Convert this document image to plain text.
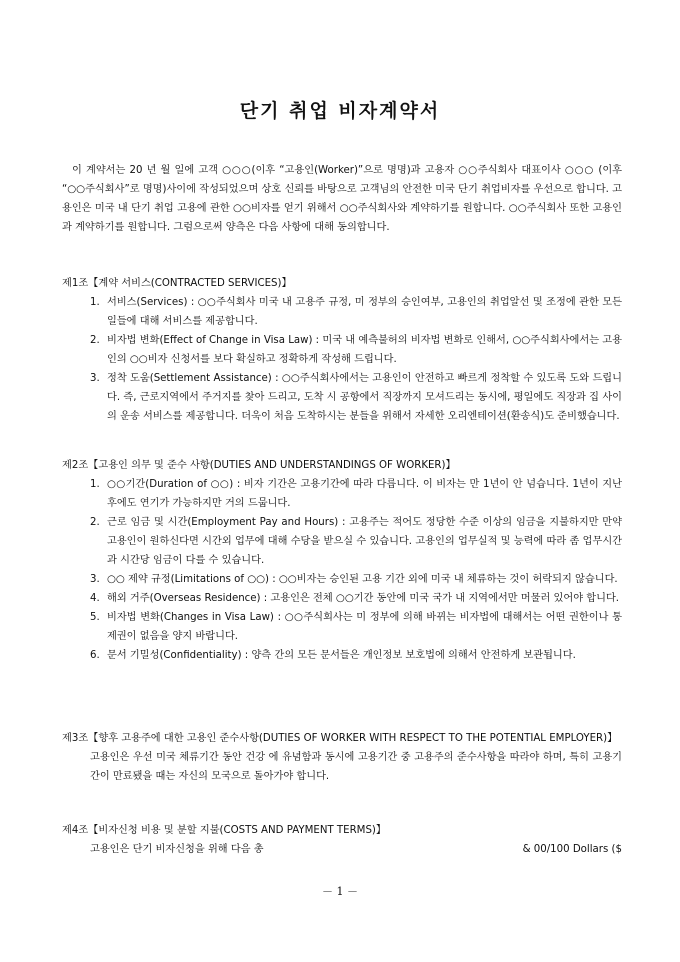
단기 취업 비자계약서
이 계약서는 20 년 월 일에 고객 ○○○(이후 “고용인(Worker)”으로 명명)과 고용자 ○○주식회사 대표이사 ○○○ (이후 “○○주식회사”로 명명)사이에 작성되었으며 상호 신뢰를 바탕으로 고객님의 안전한 미국 단기 취업비자를 우선으로 합니다. 고용인은 미국 내 단기 취업 고용에 관한 ○○비자를 얻기 위해서 ○○주식회사와 계약하기를 원합니다. ○○주식회사 또한 고용인과 계약하기를 원합니다. 그럼으로써 양측은 다음 사항에 대해 동의합니다.
제1조【계약 서비스(CONTRACTED SERVICES)】
1. 서비스(Services) : ○○주식회사 미국 내 고용주 규정, 미 정부의 승인여부, 고용인의 취업알선 및 조정에 관한 모든 일들에 대해 서비스를 제공합니다.
2. 비자법 변화(Effect of Change in Visa Law) : 미국 내 예측불허의 비자법 변화로 인해서, ○○주식회사에서는 고용인의 ○○비자 신청서를 보다 확실하고 정확하게 작성해 드립니다.
3. 정착 도움(Settlement Assistance) : ○○주식회사에서는 고용인이 안전하고 빠르게 정착할 수 있도록 도와 드립니다. 즉, 근로지역에서 주거지를 찾아 드리고, 도착 시 공항에서 직장까지 모셔드리는 동시에, 평일에도 직장과 집 사이의 운송 서비스를 제공합니다. 더욱이 처음 도착하시는 분들을 위해서 자세한 오리엔테이션(환송식)도 준비했습니다.
제2조【고용인 의무 및 준수 사항(DUTIES AND UNDERSTANDINGS OF WORKER)】
1. ○○기간(Duration of ○○) : 비자 기간은 고용기간에 따라 다릅니다. 이 비자는 만 1년이 안 넘습니다. 1년이 지난 후에도 연기가 가능하지만 거의 드뭅니다.
2. 근로 임금 및 시간(Employment Pay and Hours) : 고용주는 적어도 정당한 수준 이상의 임금을 지불하지만 만약 고용인이 원하신다면 시간외 업무에 대해 수당을 받으실 수 있습니다. 고용인의 업무실적 및 능력에 따라 좀 업무시간과 시간당 임금이 다를 수 있습니다.
3. ○○ 제약 규정(Limitations of ○○) : ○○비자는 승인된 고용 기간 외에 미국 내 체류하는 것이 허락되지 않습니다.
4. 해외 거주(Overseas Residence) : 고용인은 전체 ○○기간 동안에 미국 국가 내 지역에서만 머물러 있어야 합니다.
5. 비자법 변화(Changes in Visa Law) : ○○주식회사는 미 정부에 의해 바뀌는 비자법에 대해서는 어떤 권한이나 통제권이 없음을 양지 바랍니다.
6. 문서 기밀성(Confidentiality) : 양측 간의 모든 문서들은 개인정보 보호법에 의해서 안전하게 보관됩니다.
제3조【향후 고용주에 대한 고용인 준수사항(DUTIES OF WORKER WITH RESPECT TO THE POTENTIAL EMPLOYER)】
고용인은 우선 미국 체류기간 동안 건강 에 유념함과 동시에 고용기간 중 고용주의 준수사항을 따라야 하며, 특히 고용기간이 만료됐을 때는 자신의 모국으로 돌아가야 합니다.
제4조【비자신청 비용 및 분할 지불(COSTS AND PAYMENT TERMS)】
고용인은 단기 비자신청을 위해 다음 총	& 00/100 Dollars ($
－ 1 －
